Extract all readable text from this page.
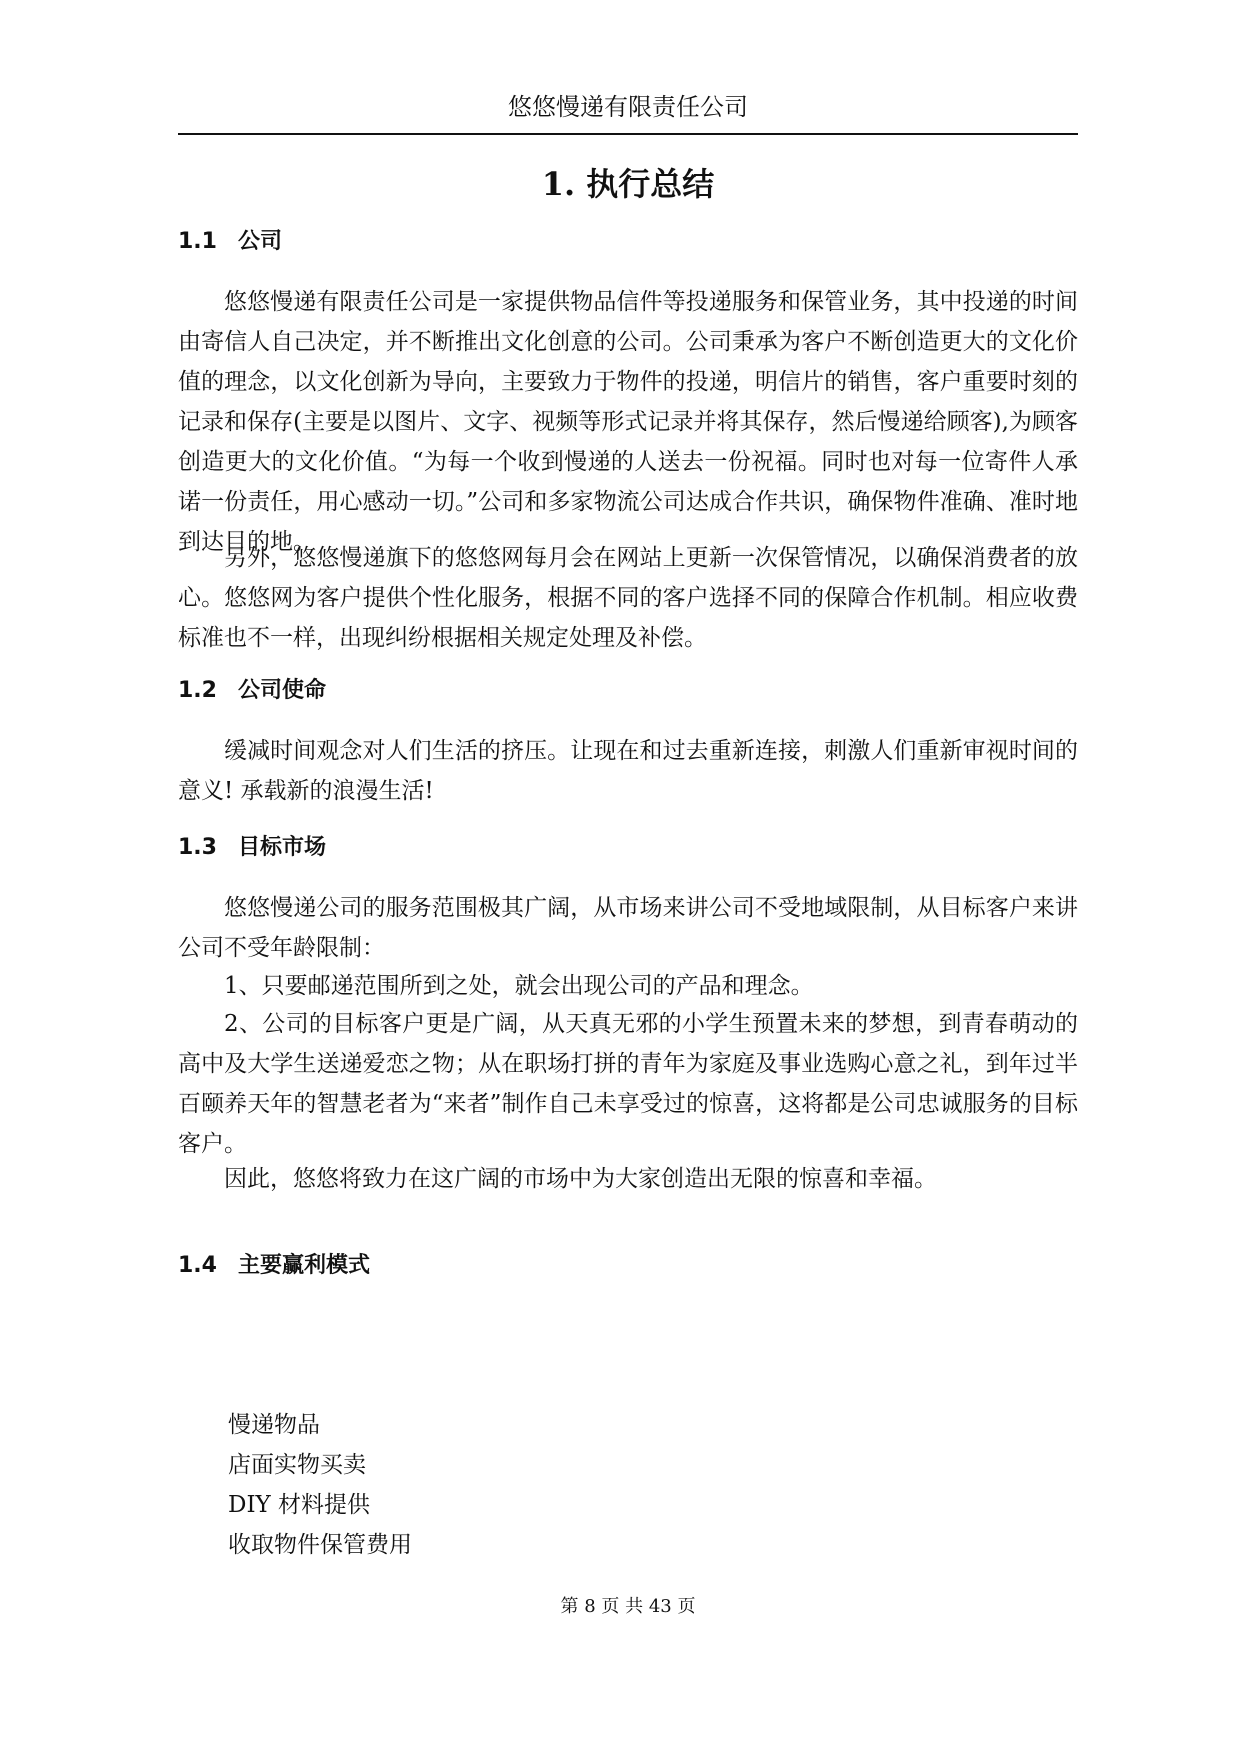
悠悠慢递有限责任公司
1. 执行总结
1.1 公司

悠悠慢递有限责任公司是一家提供物品信件等投递服务和保管业务，其中投递的时间由寄信人自己决定，并不断推出文化创意的公司。公司秉承为客户不断创造更大的文化价值的理念，以文化创新为导向，主要致力于物件的投递，明信片的销售，客户重要时刻的记录和保存(主要是以图片、文字、视频等形式记录并将其保存，然后慢递给顾客),为顾客创造更大的文化价值。“为每一个收到慢递的人送去一份祝福。同时也对每一位寄件人承诺一份责任，用心感动一切。”公司和多家物流公司达成合作共识，确保物件准确、准时地到达目的地。

另外，悠悠慢递旗下的悠悠网每月会在网站上更新一次保管情况，以确保消费者的放心。悠悠网为客户提供个性化服务，根据不同的客户选择不同的保障合作机制。相应收费标准也不一样，出现纠纷根据相关规定处理及补偿。

1.2 公司使命

缓减时间观念对人们生活的挤压。让现在和过去重新连接，刺激人们重新审视时间的意义! 承载新的浪漫生活!

1.3 目标市场

悠悠慢递公司的服务范围极其广阔，从市场来讲公司不受地域限制，从目标客户来讲公司不受年龄限制：

1、只要邮递范围所到之处，就会出现公司的产品和理念。

2、公司的目标客户更是广阔，从天真无邪的小学生预置未来的梦想，到青春萌动的高中及大学生送递爱恋之物；从在职场打拼的青年为家庭及事业选购心意之礼，到年过半百颐养天年的智慧老者为“来者”制作自己未享受过的惊喜，这将都是公司忠诚服务的目标客户。

因此，悠悠将致力在这广阔的市场中为大家创造出无限的惊喜和幸福。

1.4 主要赢利模式
慢递物品
店面实物买卖
DIY 材料提供
收取物件保管费用
第 8 页 共 43 页
